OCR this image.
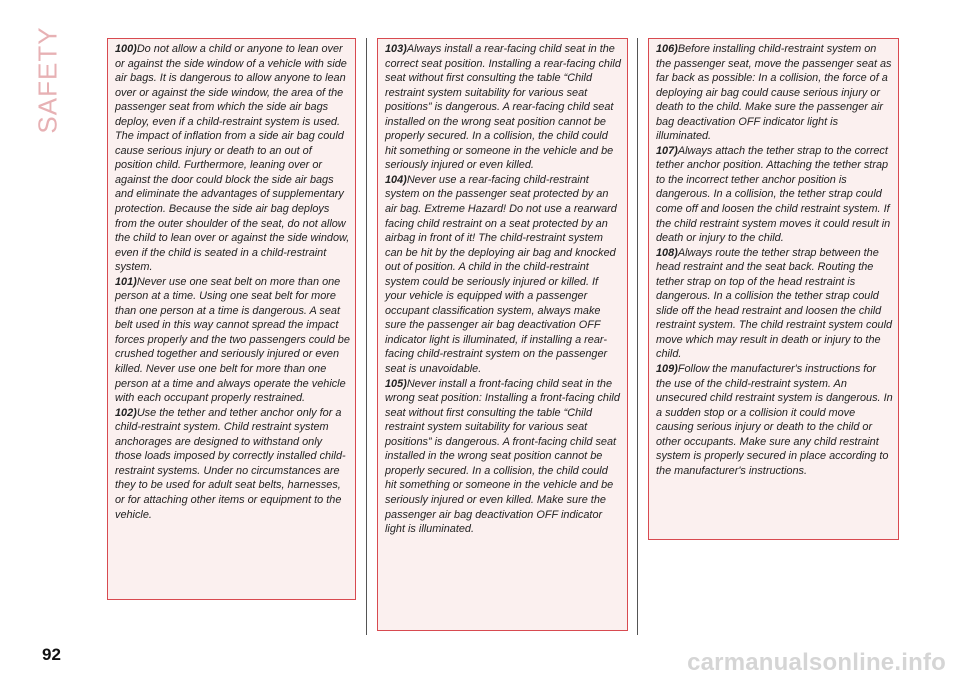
SAFETY	100)Do not allow a child or anyone to lean over or against the side window of a vehicle with side air bags. It is dangerous to allow anyone to lean over or against the side window, the area of the passenger seat from which the side air bags deploy, even if a child-restraint system is used. The impact of inflation from a side air bag could cause serious injury or death to an out of position child. Furthermore, leaning over or against the door could block the side air bags and eliminate the advantages of supplementary protection. Because the side air bag deploys from the outer shoulder of the seat, do not allow the child to lean over or against the side window, even if the child is seated in a child-restraint system.

101)Never use one seat belt on more than one person at a time. Using one seat belt for more than one person at a time is dangerous. A seat belt used in this way cannot spread the impact forces properly and the two passengers could be crushed together and seriously injured or even killed. Never use one belt for more than one person at a time and always operate the vehicle with each occupant properly restrained.

102)Use the tether and tether anchor only for a child-restraint system. Child restraint system anchorages are designed to withstand only those loads imposed by correctly installed child-restraint systems. Under no circumstances are they to be used for adult seat belts, harnesses, or for attaching other items or equipment to the vehicle.

103)Always install a rear-facing child seat in the correct seat position. Installing a rear-facing child seat without first consulting the table “Child restraint system suitability for various seat positions” is dangerous. A rear-facing child seat installed on the wrong seat position cannot be properly secured. In a collision, the child could hit something or someone in the vehicle and be seriously injured or even killed.

104)Never use a rear-facing child-restraint system on the passenger seat protected by an air bag. Extreme Hazard! Do not use a rearward facing child restraint on a seat protected by an airbag in front of it! The child-restraint system can be hit by the deploying air bag and knocked out of position. A child in the child-restraint system could be seriously injured or killed. If your vehicle is equipped with a passenger occupant classification system, always make sure the passenger air bag deactivation OFF indicator light is illuminated, if installing a rear-facing child-restraint system on the passenger seat is unavoidable.

105)Never install a front-facing child seat in the wrong seat position: Installing a front-facing child seat without first consulting the table “Child restraint system suitability for various seat positions” is dangerous. A front-facing child seat installed in the wrong seat position cannot be properly secured. In a collision, the child could hit something or someone in the vehicle and be seriously injured or even killed. Make sure the passenger air bag deactivation OFF indicator light is illuminated.

106)Before installing child-restraint system on the passenger seat, move the passenger seat as far back as possible: In a collision, the force of a deploying air bag could cause serious injury or death to the child. Make sure the passenger air bag deactivation OFF indicator light is illuminated.

107)Always attach the tether strap to the correct tether anchor position. Attaching the tether strap to the incorrect tether anchor position is dangerous. In a collision, the tether strap could come off and loosen the child restraint system. If the child restraint system moves it could result in death or injury to the child.

108)Always route the tether strap between the head restraint and the seat back. Routing the tether strap on top of the head restraint is dangerous. In a collision the tether strap could slide off the head restraint and loosen the child restraint system. The child restraint system could move which may result in death or injury to the child.

109)Follow the manufacturer's instructions for the use of the child-restraint system. An unsecured child restraint system is dangerous. In a sudden stop or a collision it could move causing serious injury or death to the child or other occupants. Make sure any child restraint system is properly secured in place according to the manufacturer's instructions.

92	carmanualsonline.info
